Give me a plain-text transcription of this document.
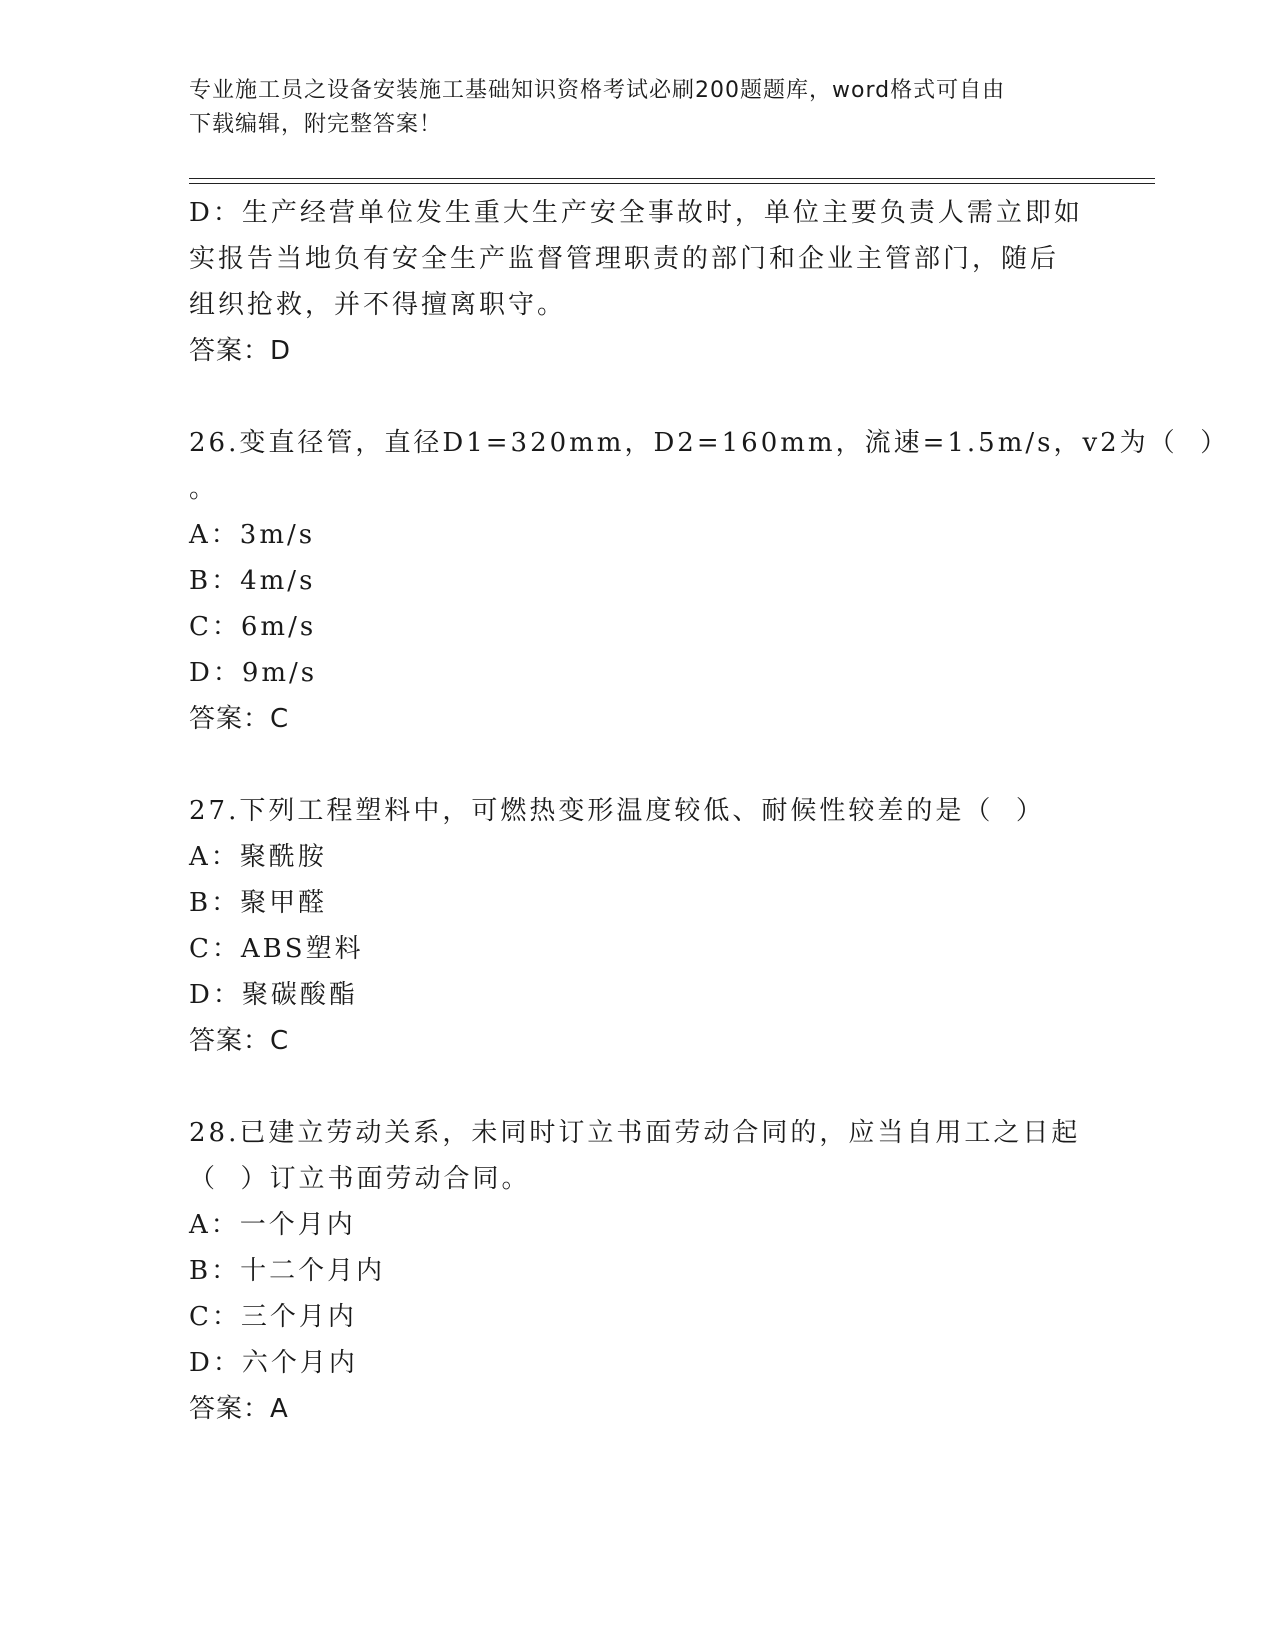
专业施工员之设备安装施工基础知识资格考试必刷200题题库，word格式可自由
下载编辑，附完整答案！
D：生产经营单位发生重大生产安全事故时，单位主要负责人需立即如
实报告当地负有安全生产监督管理职责的部门和企业主管部门，随后
组织抢救，并不得擅离职守。
答案：D
26.变直径管，直径D1=320mm，D2=160mm，流速=1.5m/s，v2为（  ）
。
A：3m/s
B：4m/s
C：6m/s
D：9m/s
答案：C
27.下列工程塑料中，可燃热变形温度较低、耐候性较差的是（  ）
A：聚酰胺
B：聚甲醛
C：ABS塑料
D：聚碳酸酯
答案：C
28.已建立劳动关系，未同时订立书面劳动合同的，应当自用工之日起
（  ）订立书面劳动合同。
A：一个月内
B：十二个月内
C：三个月内
D：六个月内
答案：A
